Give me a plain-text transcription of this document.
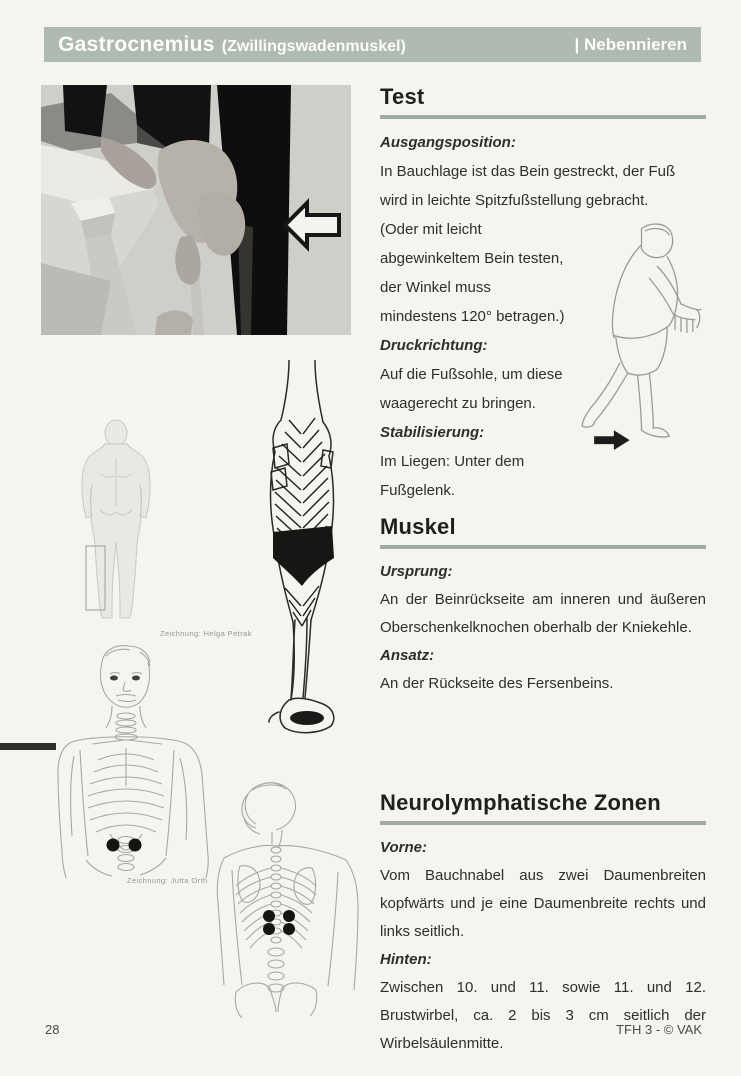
Gastrocnemius (Zwillingswadenmuskel)	| Nebennieren
Test

Ausgangsposition:

In Bauchlage ist das Bein gestreckt, der Fuß wird in leichte Spitzfußstellung gebracht.

(Oder mit leicht abgewinkeltem Bein testen, der Winkel muss mindestens 120° betragen.)

Druckrichtung:

Auf die Fußsohle, um diese waagerecht zu bringen.

Stabilisierung:

Im Liegen: Unter dem Fußgelenk.

Muskel

Ursprung:

An der Beinrückseite am inneren und äußeren Oberschenkelknochen oberhalb der Kniekehle.

Ansatz:

An der Rückseite des Fersenbeins.

Neurolymphatische Zonen

Vorne:

Vom Bauchnabel aus zwei Daumenbreiten kopfwärts und je eine Daumenbreite rechts und links seitlich.

Hinten:

Zwischen 10. und 11. sowie 11. und 12. Brustwirbel, ca. 2 bis 3 cm seitlich der Wirbelsäulenmitte.

Zeichnung: Helga Petrak
Zeichnung: Jutta Orth
28	TFH 3 - © VAK
